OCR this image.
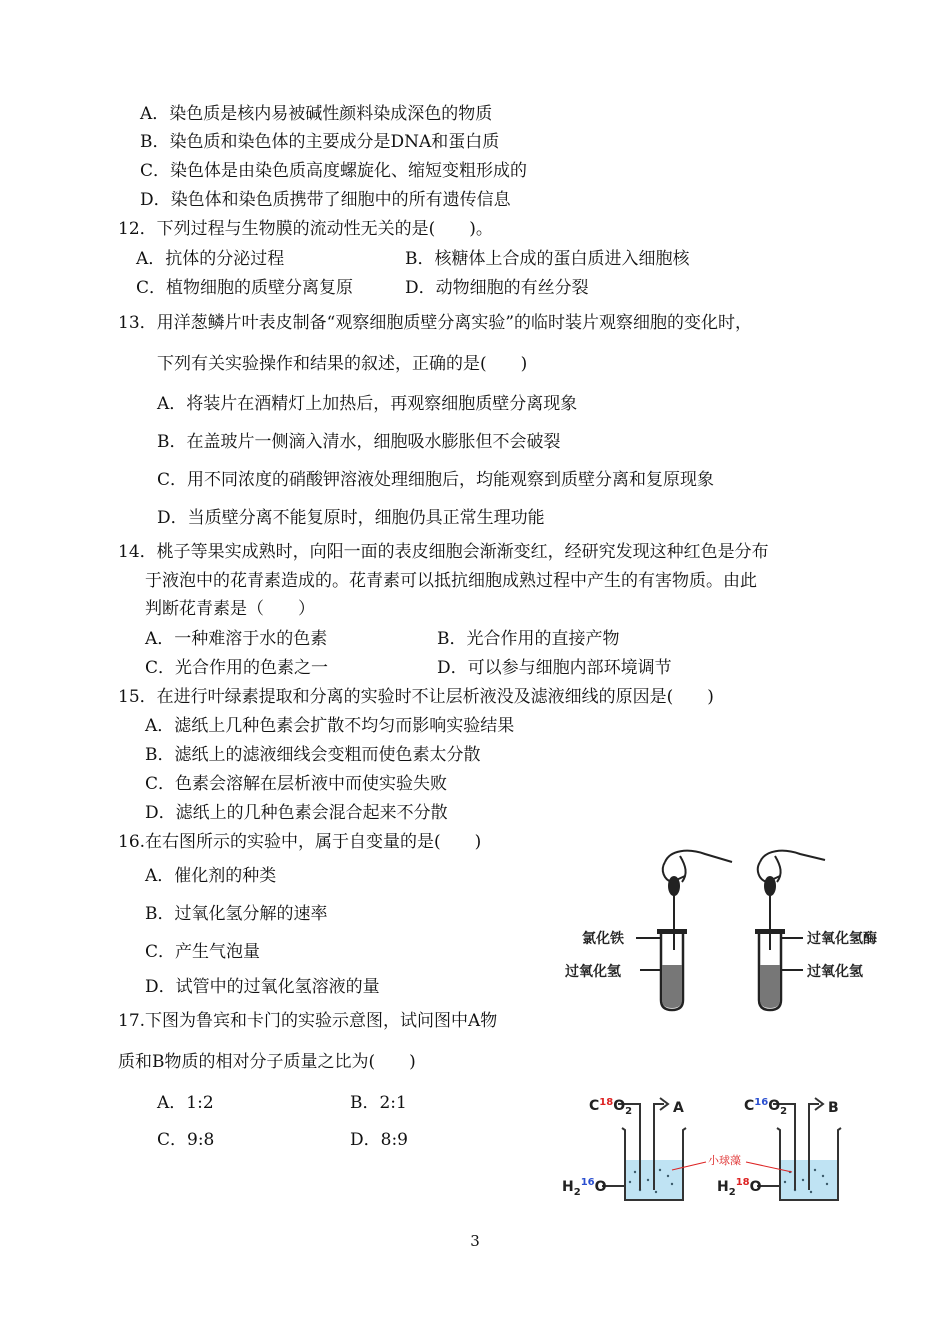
A．染色质是核内易被碱性颜料染成深色的物质
B．染色质和染色体的主要成分是DNA和蛋白质
C．染色体是由染色质高度螺旋化、缩短变粗形成的
D．染色体和染色质携带了细胞中的所有遗传信息
12．下列过程与生物膜的流动性无关的是(　　)。
A．抗体的分泌过程	B．核糖体上合成的蛋白质进入细胞核
C．植物细胞的质壁分离复原	D．动物细胞的有丝分裂
13．用洋葱鳞片叶表皮制备“观察细胞质壁分离实验”的临时装片观察细胞的变化时，
下列有关实验操作和结果的叙述，正确的是(　　)
A．将装片在酒精灯上加热后，再观察细胞质壁分离现象
B．在盖玻片一侧滴入清水，细胞吸水膨胀但不会破裂
C．用不同浓度的硝酸钾溶液处理细胞后，均能观察到质壁分离和复原现象
D．当质壁分离不能复原时，细胞仍具正常生理功能
14．桃子等果实成熟时，向阳一面的表皮细胞会渐渐变红，经研究发现这种红色是分布
于液泡中的花青素造成的。花青素可以抵抗细胞成熟过程中产生的有害物质。由此
判断花青素是（　　）
A．一种难溶于水的色素	B．光合作用的直接产物
C．光合作用的色素之一	D．可以参与细胞内部环境调节
15．在进行叶绿素提取和分离的实验时不让层析液没及滤液细线的原因是(　　)
A．滤纸上几种色素会扩散不均匀而影响实验结果
B．滤纸上的滤液细线会变粗而使色素太分散
C．色素会溶解在层析液中而使实验失败
D．滤纸上的几种色素会混合起来不分散
16.在右图所示的实验中，属于自变量的是(　　)
A．催化剂的种类
B．过氧化氢分解的速率
C．产生气泡量
D．试管中的过氧化氢溶液的量
氯化铁
过氧化氢
过氧化氢酶
过氧化氢
17.下图为鲁宾和卡门的实验示意图，试问图中A物
质和B物质的相对分子质量之比为(　　)
A．1:2	B．2:1
C．9:8	D．8:9
$C^{18}O_2$	A
$H_2^{16}O$
$C^{16}O_2$	B
$H_2^{18}O$
小球藻
3
